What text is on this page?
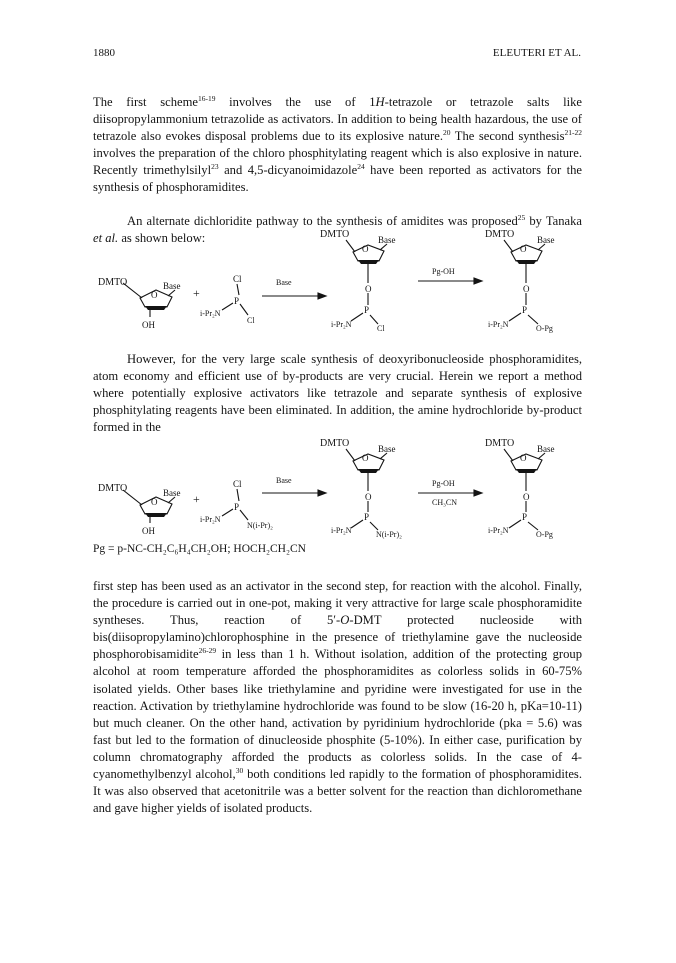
1880	ELEUTERI ET AL.

The first scheme$^{16-19}$ involves the use of 1H-tetrazole or tetrazole salts like diisopropylammonium tetrazolide as activators. In addition to being health hazardous, the use of tetrazole also evokes disposal problems due to its explosive nature.$^{20}$ The second synthesis$^{21-22}$ involves the preparation of the chloro phosphitylating reagent which is also explosive in nature. Recently trimethylsilyl$^{23}$ and 4,5-dicyanoimidazole$^{24}$ have been reported as activators for the synthesis of phosphoramidites.

An alternate dichloridite pathway to the synthesis of amidites was proposed$^{25}$ by Tanaka et al. as shown below:

DMTO
O
Base
OH
+
Cl
P
i-Pr₂N
Cl
Base
DMTO
O
Base
O
P
i-Pr₂N	Cl
Pg-OH
DMTO
O
Base
O
P
i-Pr₂N	O-Pg

However, for the very large scale synthesis of deoxyribonucleoside phosphoramidites, atom economy and efficient use of by-products are very crucial. Herein we report a method where potentially explosive activators like tetrazole and separate synthesis of explosive phosphitylating reagents have been eliminated. In addition, the amine hydrochloride by-product formed in the

DMTO
O
Base
OH
+
Cl
P
i-Pr₂N
N(i-Pr)₂
Base
DMTO
O
Base
O
P
i-Pr₂N	N(i-Pr)₂
Pg-OH
CH₃CN
DMTO
O
Base
O
P
i-Pr₂N	O-Pg
Pg = p-NC-CH₂C₆H₄CH₂OH; HOCH₂CH₂CN

first step has been used as an activator in the second step, for reaction with the alcohol. Finally, the procedure is carried out in one-pot, making it very attractive for large scale phosphoramidite syntheses. Thus, reaction of 5′-O-DMT protected nucleoside with bis(diisopropylamino)chlorophosphine in the presence of triethylamine gave the nucleoside phosphorobisamidite$^{26-29}$ in less than 1 h. Without isolation, addition of the protecting group alcohol at room temperature afforded the phosphoramidites as colorless solids in 60-75% isolated yields. Other bases like triethylamine and pyridine were investigated for use in the reaction. Activation by triethylamine hydrochloride was found to be slow (16-20 h, pKa=10-11) but much cleaner. On the other hand, activation by pyridinium hydrochloride (pka = 5.6) was fast but led to the formation of dinucleoside phosphite (5-10%). In either case, purification by column chromatography afforded the products as colorless solids. In the case of 4-cyanomethylbenzyl alcohol,$^{30}$ both conditions led rapidly to the formation of phosphoramidites. It was also observed that acetonitrile was a better solvent for the reaction than dichloromethane and gave higher yields of isolated products.
